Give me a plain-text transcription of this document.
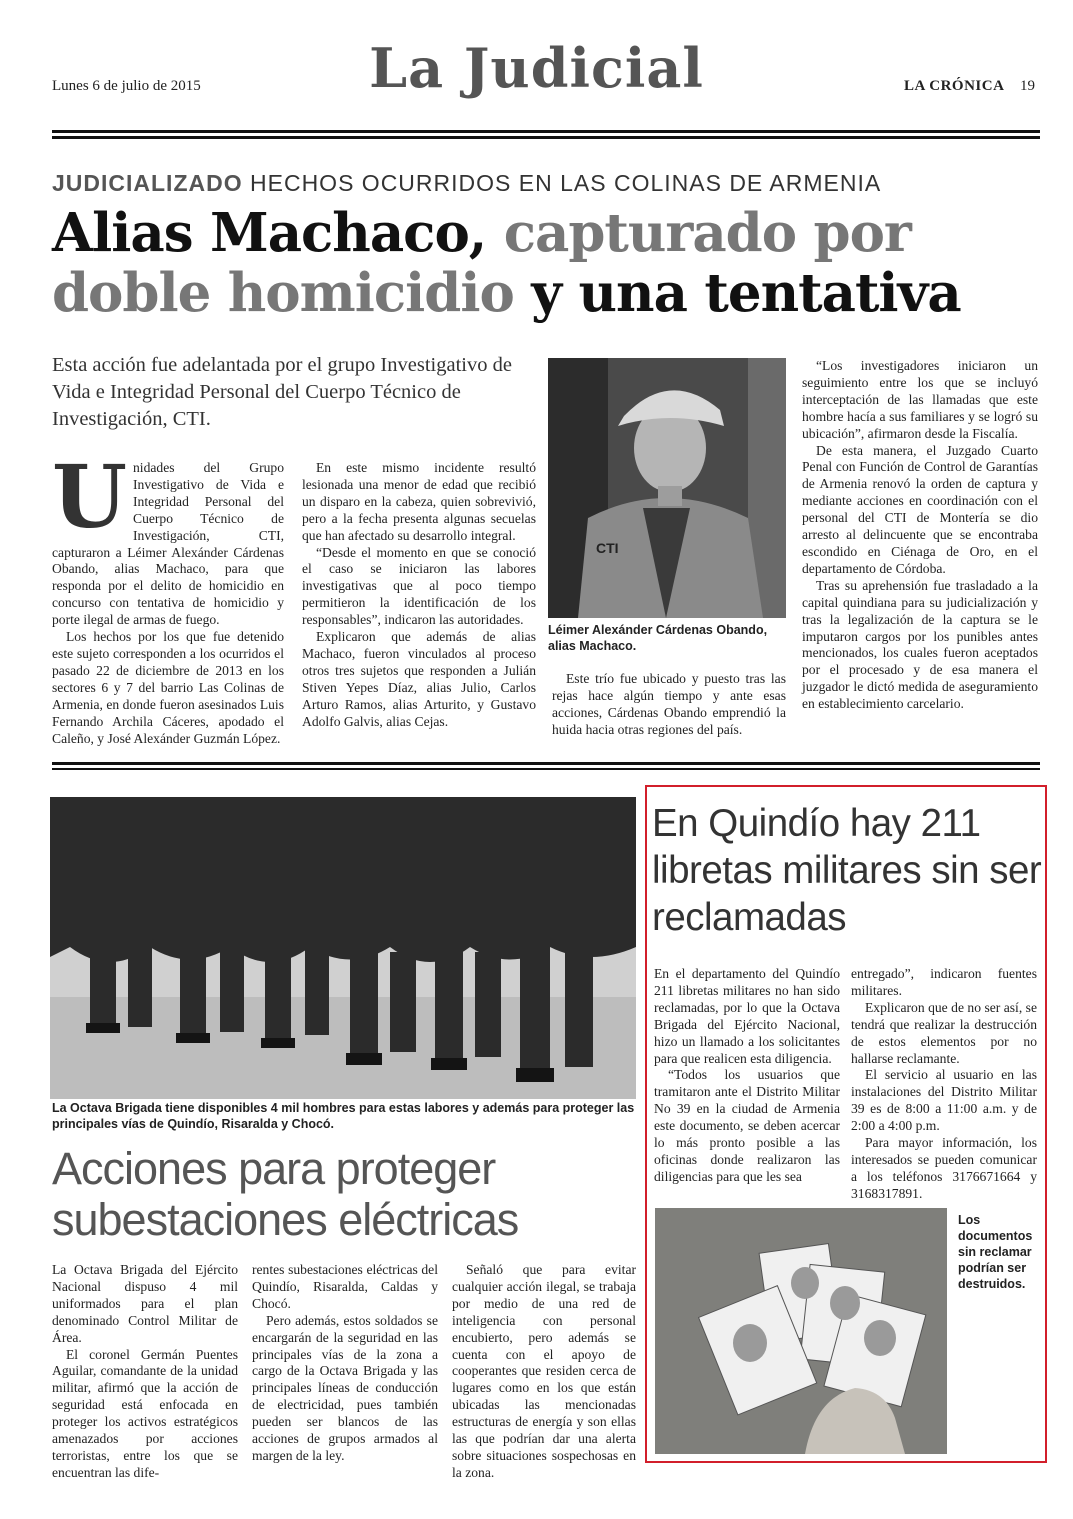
Lunes 6 de julio de 2015	La Judicial	LA CRÓNICA 19
JUDICIALIZADO HECHOS OCURRIDOS EN LAS COLINAS DE ARMENIA
Alias Machaco, capturado por doble homicidio y una tentativa
Esta acción fue adelantada por el grupo Investigativo de Vida e Integridad Personal del Cuerpo Técnico de Investigación, CTI.
U nidades del Grupo Investigativo de Vida e Integridad Personal del Cuerpo Técnico de Investigación, CTI, capturaron a Léimer Alexánder Cárdenas Obando, alias Machaco, para que responda por el delito de homicidio en concurso con tentativa de homicidio y porte ilegal de armas de fuego.

Los hechos por los que fue detenido este sujeto corresponden a los ocurridos el pasado 22 de diciembre de 2013 en los sectores 6 y 7 del barrio Las Colinas de Armenia, en donde fueron asesinados Luis Fernando Archila Cáceres, apodado el Caleño, y José Alexánder Guzmán López.

En este mismo incidente resultó lesionada una menor de edad que recibió un disparo en la cabeza, quien sobrevivió, pero a la fecha presenta algunas secuelas que han afectado su desarrollo integral.

“Desde el momento en que se conoció el caso se iniciaron las labores investigativas que al poco tiempo permitieron la identificación de los responsables”, indicaron las autoridades.

Explicaron que además de alias Machaco, fueron vinculados al proceso otros tres sujetos que responden a Julián Stiven Yepes Díaz, alias Julio, Carlos Arturo Ramos, alias Arturito, y Gustavo Adolfo Galvis, alias Cejas.

CTI
Léimer Alexánder Cárdenas Obando, alias Machaco.

Este trío fue ubicado y puesto tras las rejas hace algún tiempo y ante esas acciones, Cárdenas Obando emprendió la huida hacia otras regiones del país.

“Los investigadores iniciaron un seguimiento entre los que se incluyó interceptación de las llamadas que este hombre hacía a sus familiares y se logró su ubicación”, afirmaron desde la Fiscalía.

De esta manera, el Juzgado Cuarto Penal con Función de Control de Garantías de Armenia renovó la orden de captura y mediante acciones en coordinación con el personal del CTI de Montería se dio arresto al delincuente que se encontraba escondido en Ciénaga de Oro, en el departamento de Córdoba.

Tras su aprehensión fue trasladado a la capital quindiana para su judicialización y tras la legalización de la captura se le imputaron cargos por los punibles antes mencionados, los cuales fueron aceptados por el procesado y de esa manera el juzgador le dictó medida de aseguramiento en establecimiento carcelario.

La Octava Brigada tiene disponibles 4 mil hombres para estas labores y además para proteger las principales vías de Quindío, Risaralda y Chocó.
Acciones para proteger subestaciones eléctricas

La Octava Brigada del Ejército Nacional dispuso 4 mil uniformados para el plan denominado Control Militar de Área.

El coronel Germán Puentes Aguilar, comandante de la unidad militar, afirmó que la acción de seguridad está enfocada en proteger los activos estratégicos amenazados por acciones terroristas, entre los que se encuentran las dife-

rentes subestaciones eléctricas del Quindío, Risaralda, Caldas y Chocó.

Pero además, estos soldados se encargarán de la seguridad en las principales vías de la zona a cargo de la Octava Brigada y las principales líneas de conducción de electricidad, pues también pueden ser blancos de las acciones de grupos armados al margen de la ley.

Señaló que para evitar cualquier acción ilegal, se trabaja por medio de una red de inteligencia con personal encubierto, pero además se cuenta con el apoyo de cooperantes que residen cerca de lugares como en los que están ubicadas las mencionadas estructuras de energía y son ellas las que podrían dar una alerta sobre situaciones sospechosas en la zona.

En Quindío hay 211 libretas militares sin ser reclamadas

En el departamento del Quindío 211 libretas militares no han sido reclamadas, por lo que la Octava Brigada del Ejército Nacional, hizo un llamado a los solicitantes para que realicen esta diligencia.

“Todos los usuarios que tramitaron ante el Distrito Militar No 39 en la ciudad de Armenia este documento, se deben acercar lo más pronto posible a las oficinas donde realizaron las diligencias para que les sea

entregado”, indicaron fuentes militares.

Explicaron que de no ser así, se tendrá que realizar la destrucción de estos elementos por no hallarse reclamante.

El servicio al usuario en las instalaciones del Distrito Militar 39 es de 8:00 a 11:00 a.m. y de 2:00 a 4:00 p.m.

Para mayor información, los interesados se pueden comunicar a los teléfonos 3176671664 y 3168317891.

Los documentos sin reclamar podrían ser destruidos.
